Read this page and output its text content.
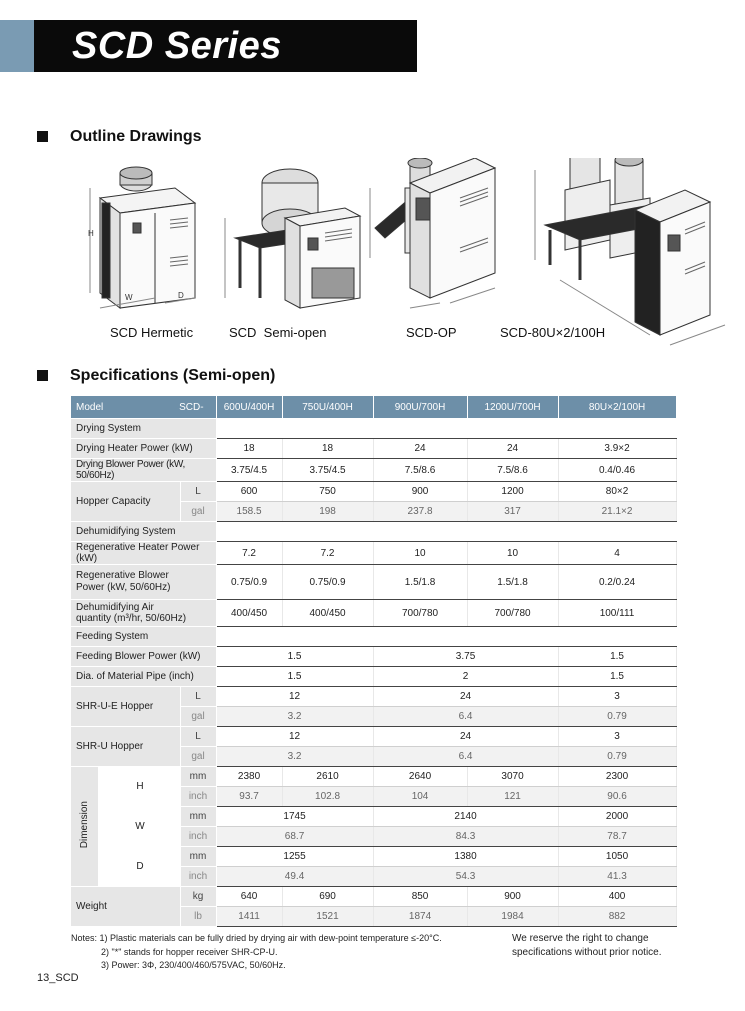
SCD Series
Outline Drawings
H
W	D
SCD Hermetic	SCD  Semi-open	SCD-OP	SCD-80U×2/100H
Specifications (Semi-open)
Model SCD-			600U/400H	750U/400H	900U/700H	1200U/700H	80U×2/100H
Drying System							
Drying Heater Power (kW)			18	18	24	24	3.9×2
Drying Blower Power (kW, 50/60Hz)			3.75/4.5	3.75/4.5	7.5/8.6	7.5/8.6	0.4/0.46
Hopper Capacity		L	600	750	900	1200	80×2
		gal	158.5	198	237.8	317	21.1×2
Dehumidifying System							
Regenerative Heater Power (kW)			7.2	7.2	10	10	4
Regenerative Blower
Power (kW, 50/60Hz)			0.75/0.9	0.75/0.9	1.5/1.8	1.5/1.8	0.2/0.24
Dehumidifying Air
quantity (m³/hr, 50/60Hz)			400/450	400/450	700/780	700/780	100/111
Feeding System							
Feeding Blower Power (kW)			1.5		3.75		1.5
Dia. of Material Pipe (inch)			1.5		2		1.5
SHR-U-E Hopper		L	12		24		3
		gal	3.2		6.4		0.79
SHR-U Hopper		L	12		24		3
		gal	3.2		6.4		0.79
Dimension	H	mm	2380	2610	2640	3070	2300
		inch	93.7	102.8	104	121	90.6
	W	mm	1745		2140		2000
		inch	68.7		84.3		78.7
	D	mm	1255		1380		1050
		inch	49.4		54.3		41.3
Weight		kg	640	690	850	900	400
		lb	1411	1521	1874	1984	882
Notes: 1) Plastic materials can be fully dried by drying air with dew-point temperature ≤-20°C.
2) "*" stands for hopper receiver SHR-CP-U.
3) Power: 3Φ, 230/400/460/575VAC, 50/60Hz.
We reserve the right to change
specifications without prior notice.
13_SCD
